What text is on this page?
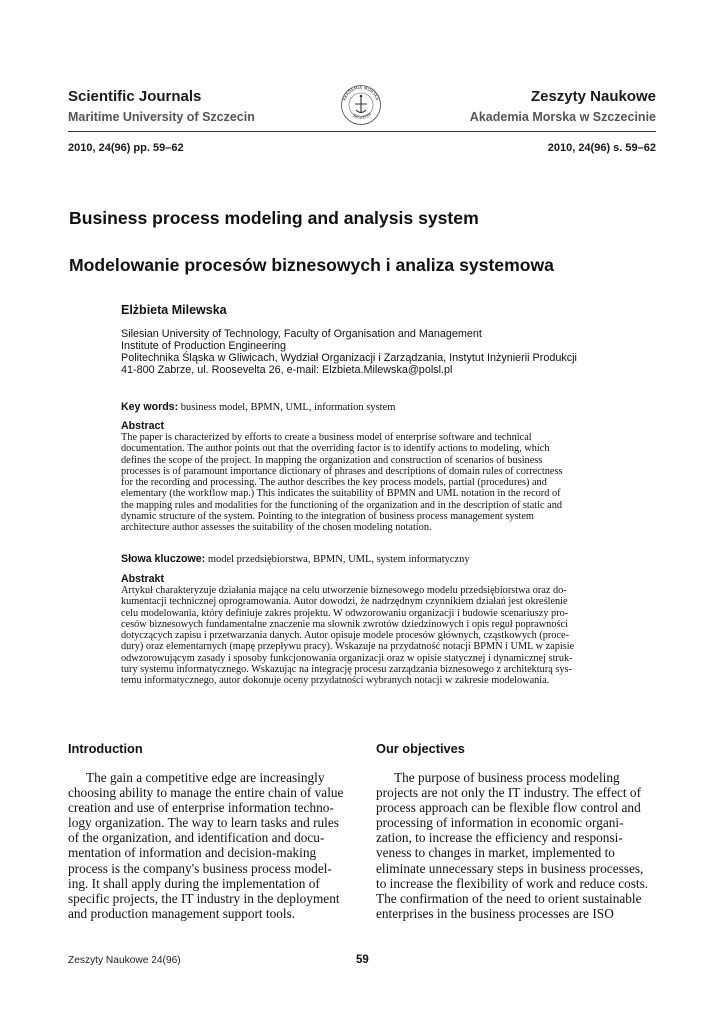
Scientific Journals
Maritime University of Szczecin
AKADEMIA MORSKA
SZCZECIN
Zeszyty Naukowe
Akademia Morska w Szczecinie
2010, 24(96) pp. 59–62	2010, 24(96) s. 59–62
Business process modeling and analysis system
Modelowanie procesów biznesowych i analiza systemowa
Elżbieta Milewska
Silesian University of Technology, Faculty of Organisation and Management
Institute of Production Engineering
Politechnika Śląska w Gliwicach, Wydział Organizacji i Zarządzania, Instytut Inżynierii Produkcji
41-800 Zabrze, ul. Roosevelta 26, e-mail: Elzbieta.Milewska@polsl.pl
Key words: business model, BPMN, UML, information system
Abstract
The paper is characterized by efforts to create a business model of enterprise software and technical
documentation. The author points out that the overriding factor is to identify actions to modeling, which
defines the scope of the project. In mapping the organization and construction of scenarios of business
processes is of paramount importance dictionary of phrases and descriptions of domain rules of correctness
for the recording and processing. The author describes the key process models, partial (procedures) and
elementary (the workflow map.) This indicates the suitability of BPMN and UML notation in the record of
the mapping rules and modalities for the functioning of the organization and in the description of static and
dynamic structure of the system. Pointing to the integration of business process management system
architecture author assesses the suitability of the chosen modeling notation.
Słowa kluczowe: model przedsiębiorstwa, BPMN, UML, system informatyczny
Abstrakt
Artykuł charakteryzuje działania mające na celu utworzenie biznesowego modelu przedsiębiorstwa oraz do-
kumentacji technicznej oprogramowania. Autor dowodzi, że nadrzędnym czynnikiem działań jest określenie
celu modelowania, który definiuje zakres projektu. W odwzorowaniu organizacji i budowie scenariuszy pro-
cesów biznesowych fundamentalne znaczenie ma słownik zwrotów dziedzinowych i opis reguł poprawności
dotyczących zapisu i przetwarzania danych. Autor opisuje modele procesów głównych, cząstkowych (proce-
dury) oraz elementarnych (mapę przepływu pracy). Wskazuje na przydatność notacji BPMN i UML w zapisie
odwzorowującym zasady i sposoby funkcjonowania organizacji oraz w opisie statycznej i dynamicznej struk-
tury systemu informatycznego. Wskazując na integrację procesu zarządzania biznesowego z architekturą sys-
temu informatycznego, autor dokonuje oceny przydatności wybranych notacji w zakresie modelowania.
Introduction
The gain a competitive edge are increasingly
choosing ability to manage the entire chain of value
creation and use of enterprise information techno-
logy organization. The way to learn tasks and rules
of the organization, and identification and docu-
mentation of information and decision-making
process is the company's business process model-
ing. It shall apply during the implementation of
specific projects, the IT industry in the deployment
and production management support tools.
Our objectives
The purpose of business process modeling
projects are not only the IT industry. The effect of
process approach can be flexible flow control and
processing of information in economic organi-
zation, to increase the efficiency and responsi-
veness to changes in market, implemented to
eliminate unnecessary steps in business processes,
to increase the flexibility of work and reduce costs.
The confirmation of the need to orient sustainable
enterprises in the business processes are ISO
Zeszyty Naukowe 24(96)	59
